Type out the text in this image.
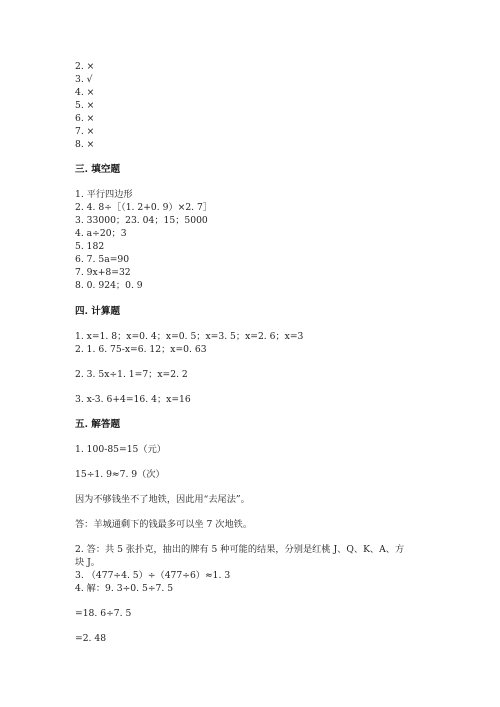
2. ×
3. √
4. ×
5. ×
6. ×
7. ×
8. ×
三. 填空题
1. 平行四边形
2. 4. 8÷［（1. 2+0. 9）×2. 7］
3. 33000；23. 04；15；5000
4. a÷20；3
5. 182
6. 7. 5a=90
7. 9x+8=32
8. 0. 924；0. 9
四. 计算题
1. x=1. 8；x=0. 4；x=0. 5；x=3. 5；x=2. 6；x=3
2. 1. 6. 75-x=6. 12；x=0. 63
2. 3. 5x÷1. 1=7；x=2. 2
3. x-3. 6+4=16. 4；x=16
五. 解答题
1. 100-85=15（元）
15÷1. 9≈7. 9（次）
因为不够钱坐不了地铁，因此用“去尾法”。
答：羊城通剩下的钱最多可以坐 7 次地铁。
2. 答：共 5 张扑克，抽出的牌有 5 种可能的结果，分别是红桃 J、Q、K、A、方
块 J。
3. （477÷4. 5）÷（477÷6）≈1. 3
4. 解：9. 3÷0. 5÷7. 5
=18. 6÷7. 5
=2. 48
